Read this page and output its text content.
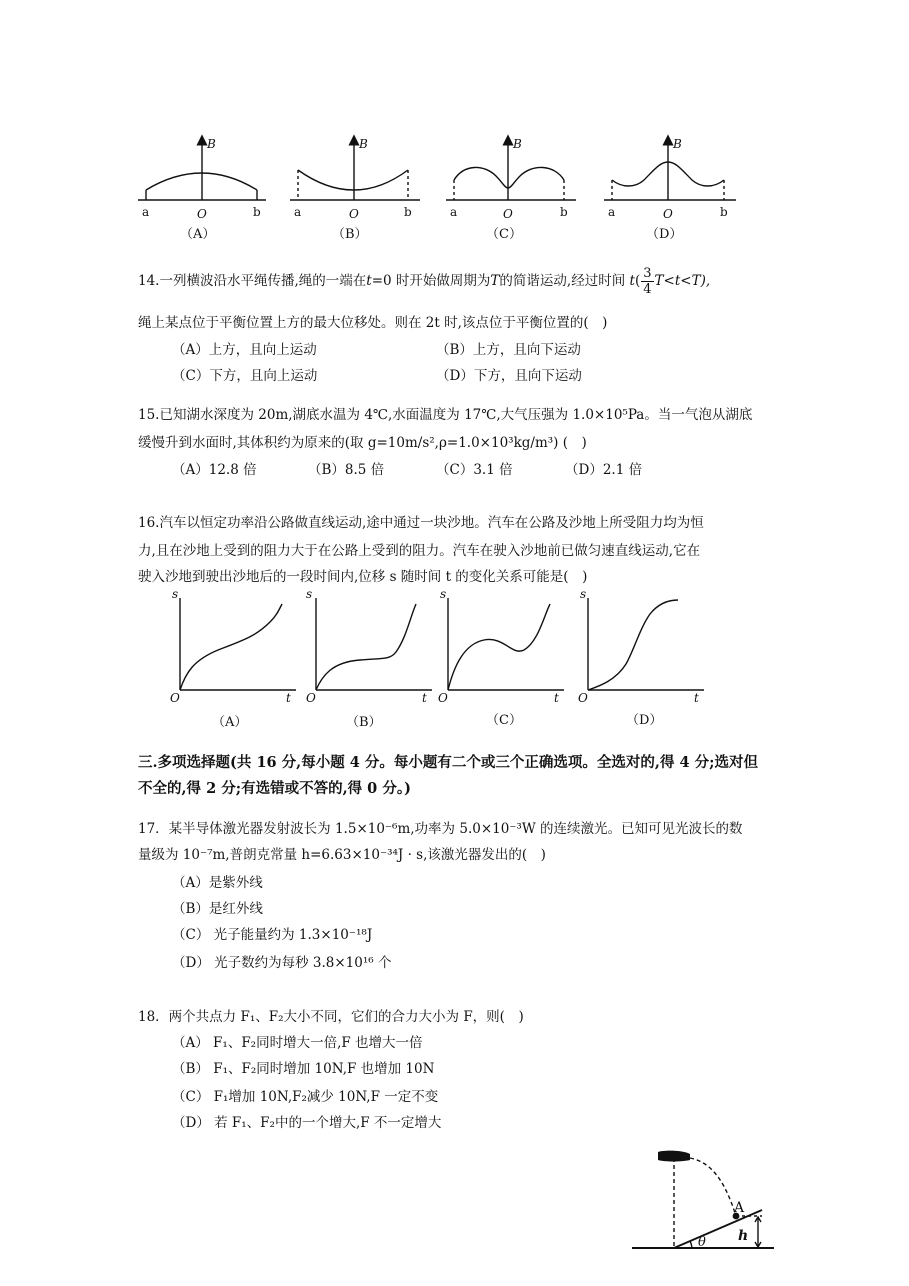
B
O
a	b
B
O
a	b
B
O
a	b
B
O
a	b
（A）	（B）	（C）	（D）
14.一列横波沿水平绳传播,绳的一端在t=0 时开始做周期为T的简谐运动,经过时间 $t( \frac{3}{4} T<t<T)$,
绳上某点位于平衡位置上方的最大位移处。则在 2t 时,该点位于平衡位置的(　)
（A）上方，且向上运动	（B）上方，且向下运动
（C）下方，且向上运动	（D）下方，且向下运动
15.已知湖水深度为 20m,湖底水温为 4℃,水面温度为 17℃,大气压强为 1.0×10⁵Pa。当一气泡从湖底
缓慢升到水面时,其体积约为原来的(取 g=10m/s²,ρ=1.0×10³kg/m³) (　)
（A）12.8 倍	（B）8.5 倍	（C）3.1 倍	（D）2.1 倍
16.汽车以恒定功率沿公路做直线运动,途中通过一块沙地。汽车在公路及沙地上所受阻力均为恒
力,且在沙地上受到的阻力大于在公路上受到的阻力。汽车在驶入沙地前已做匀速直线运动,它在
驶入沙地到驶出沙地后的一段时间内,位移 s 随时间 t 的变化关系可能是(　)
s
O	t
s
O	t
s
O	t
s
O	t
（A）	（B）	（C）	（D）
三.多项选择题(共 16 分,每小题 4 分。每小题有二个或三个正确选项。全选对的,得 4 分;选对但
不全的,得 2 分;有选错或不答的,得 0 分。)
17．某半导体激光器发射波长为 1.5×10⁻⁶m,功率为 5.0×10⁻³W 的连续激光。已知可见光波长的数
量级为 10⁻⁷m,普朗克常量 h=6.63×10⁻³⁴J · s,该激光器发出的(　)
（A）是紫外线
（B）是红外线
（C） 光子能量约为 1.3×10⁻¹⁸J
（D） 光子数约为每秒 3.8×10¹⁶ 个
18．两个共点力 F₁、F₂大小不同，它们的合力大小为 F，则(　)
（A） F₁、F₂同时增大一倍,F 也增大一倍
（B） F₁、F₂同时增加 10N,F 也增加 10N
（C） F₁增加 10N,F₂减少 10N,F 一定不变
（D） 若 F₁、F₂中的一个增大,F 不一定增大
A
h
θ
